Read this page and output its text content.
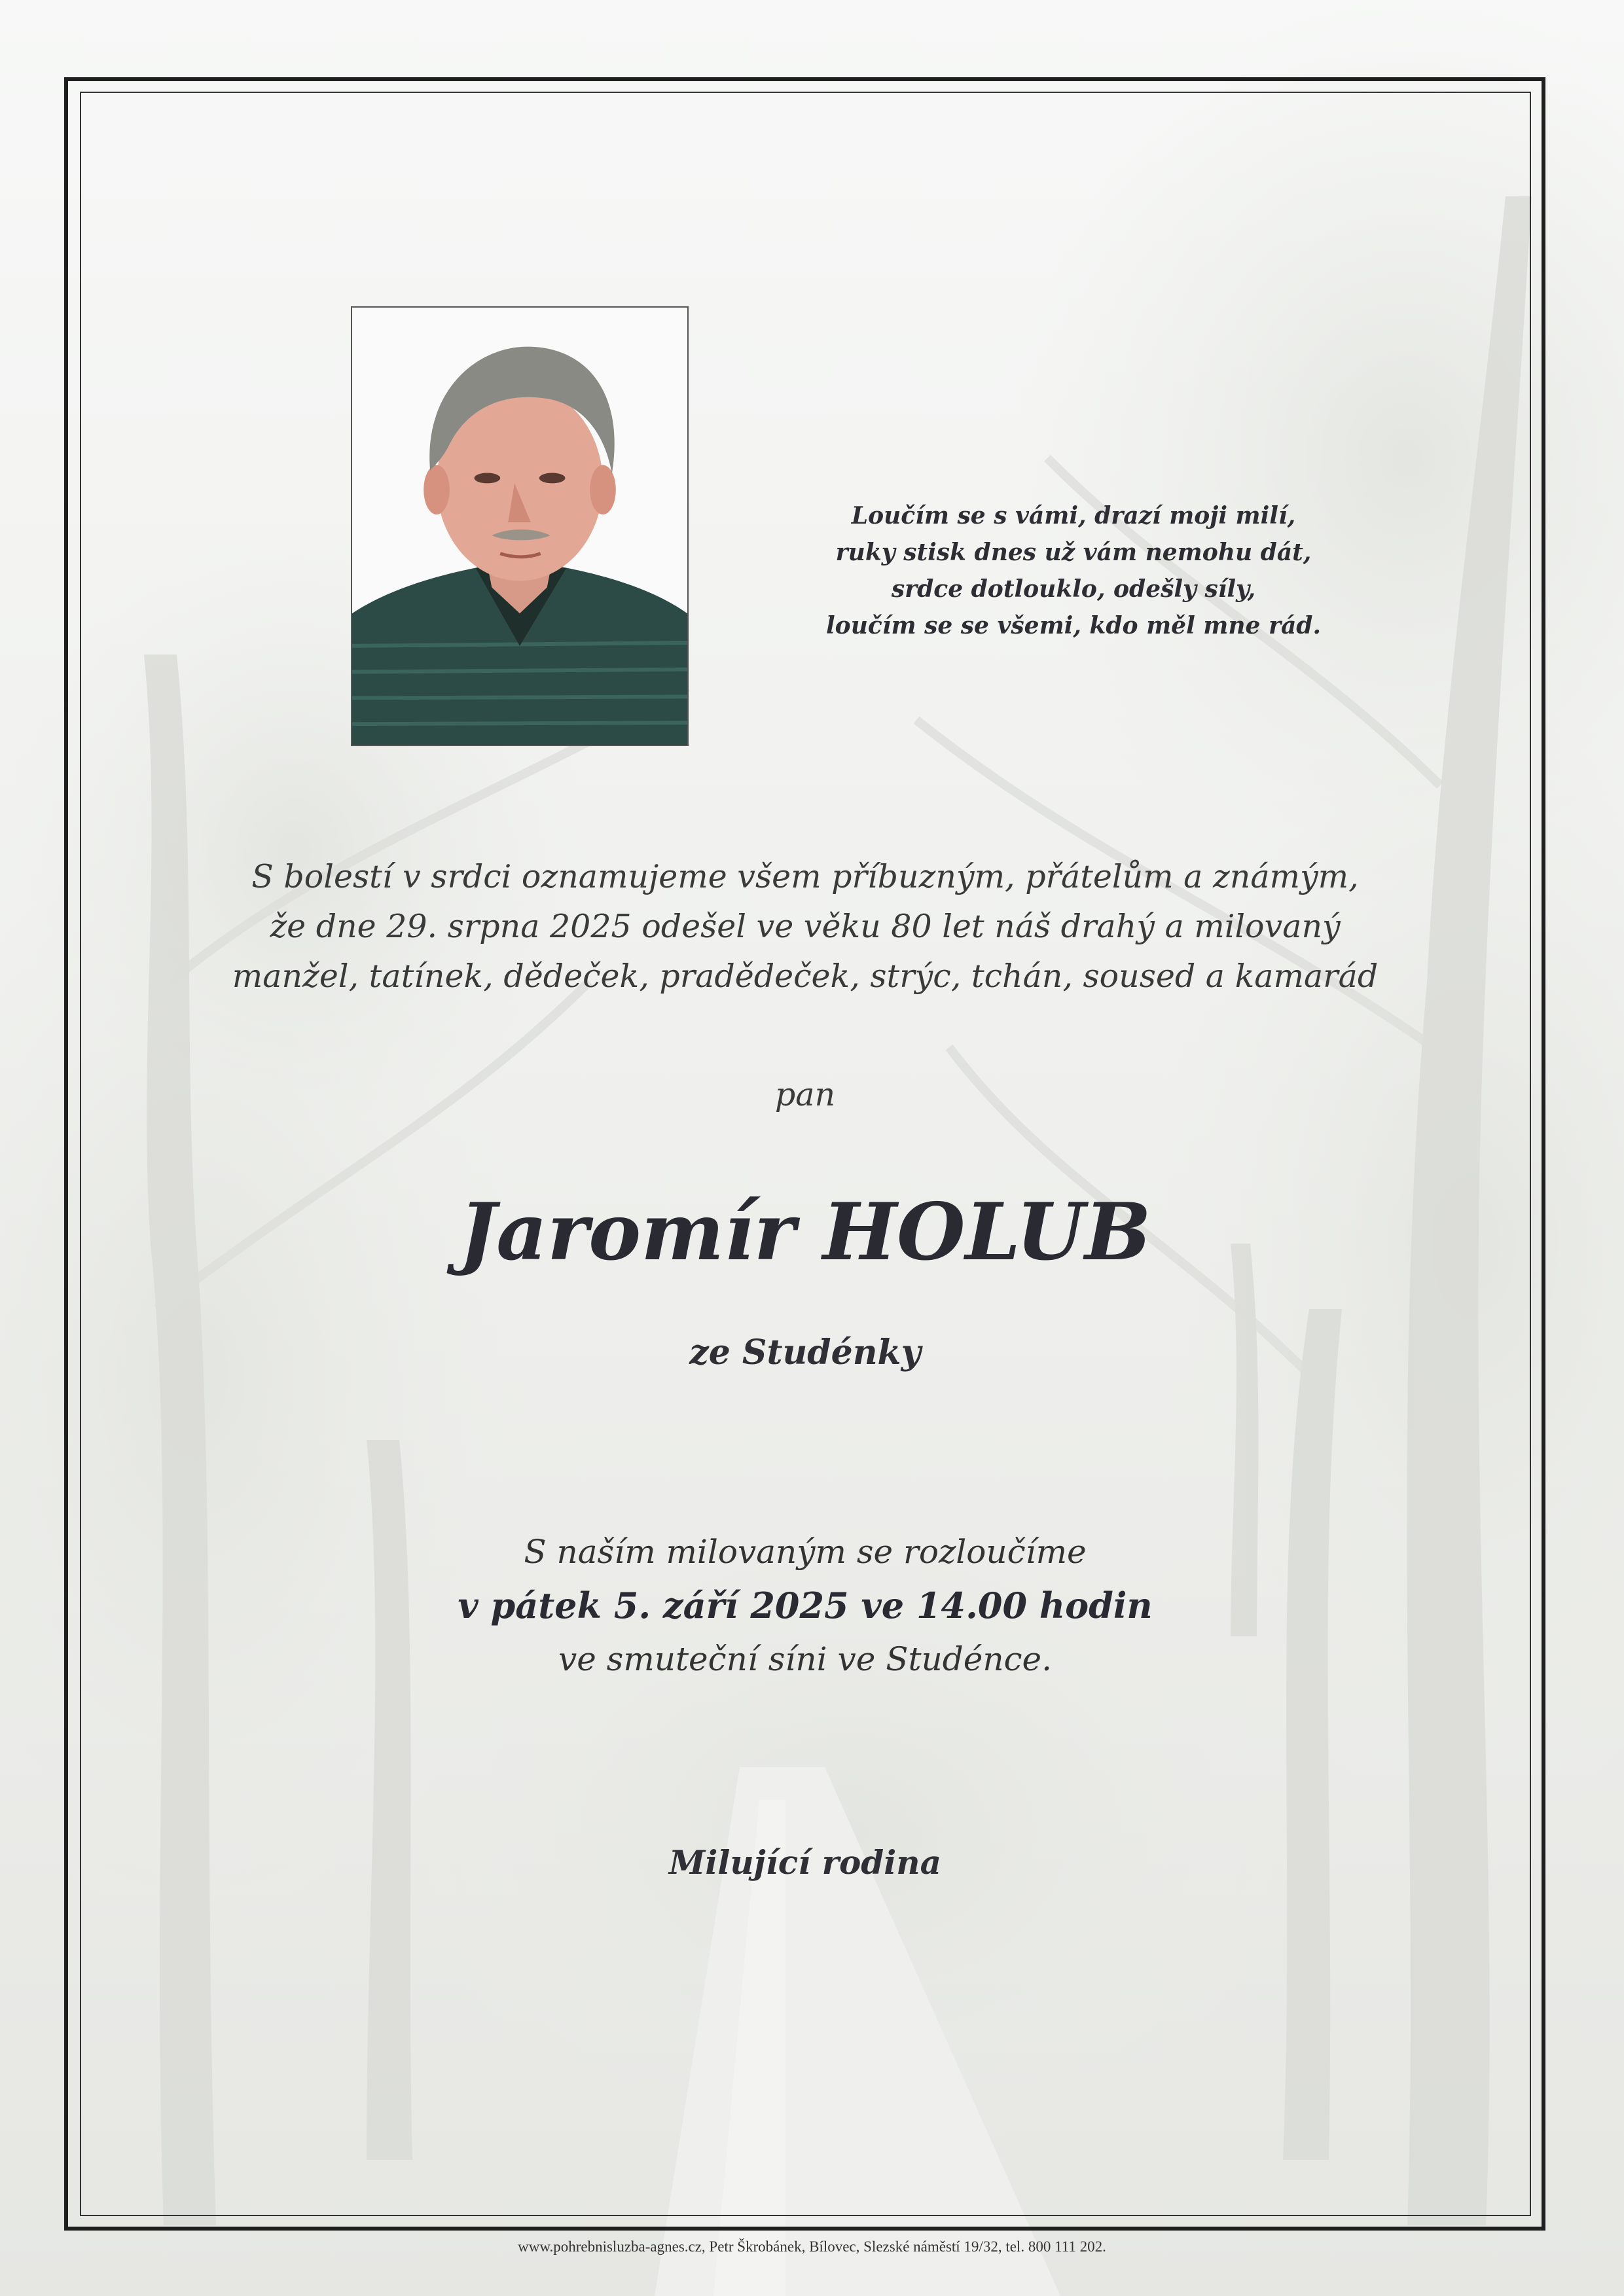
Loučím se s vámi, drazí moji milí,
ruky stisk dnes už vám nemohu dát,
srdce dotlouklo, odešly síly,
loučím se se všemi, kdo měl mne rád.
S bolestí v srdci oznamujeme všem příbuzným, přátelům a známým,
že dne 29. srpna 2025 odešel ve věku 80 let náš drahý a milovaný
manžel, tatínek, dědeček, pradědeček, strýc, tchán, soused a kamarád
pan
Jaromír HOLUB
ze Studénky
S naším milovaným se rozloučíme
v pátek 5. září 2025 ve 14.00 hodin
ve smuteční síni ve Studénce.
Milující rodina
www.pohrebnisluzba-agnes.cz, Petr Škrobánek, Bílovec, Slezské náměstí 19/32, tel. 800 111 202.
